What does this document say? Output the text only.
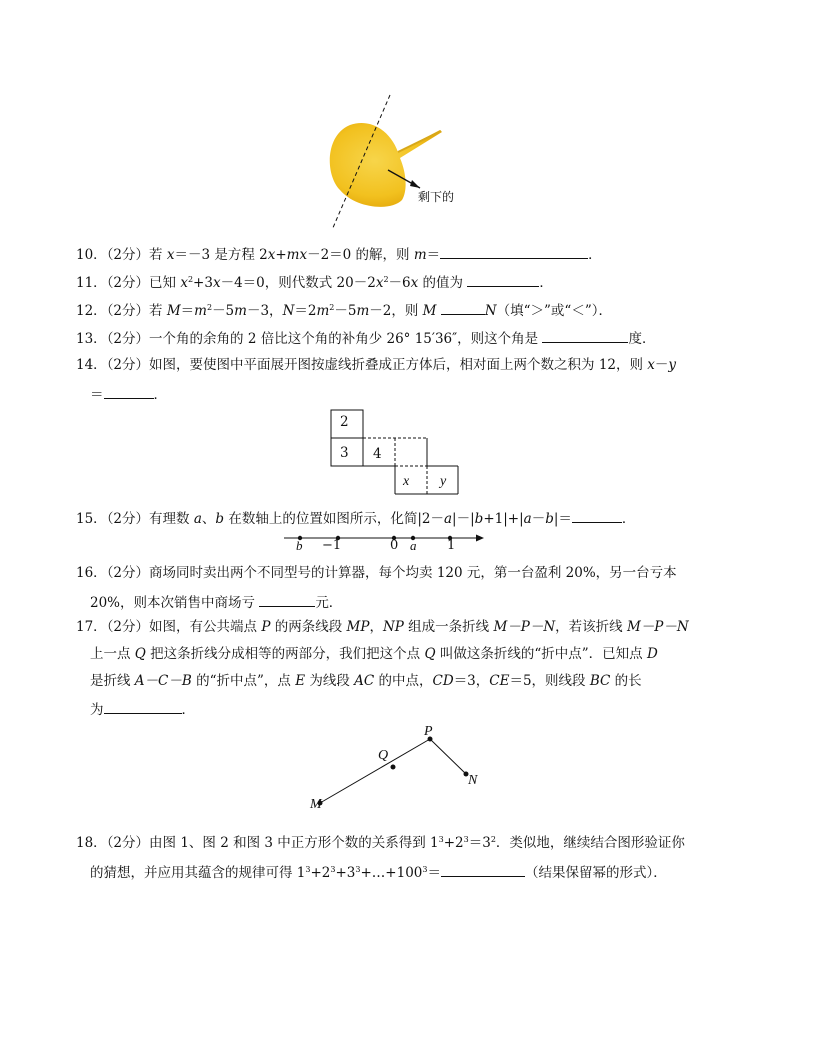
剩下的
10．（2分）若 x＝－3 是方程 2x+mx－2＝0 的解，则 m＝	．
11．（2分）已知 $x^2+3x-4=0$，则代数式 $20-2x^2-6x$ 的值为	．
12．（2分）若 $M=m^2-5m-3$，$N=2m^2-5m-2$，则 M	N（填“＞”或“＜”）．
13．（2分）一个角的余角的 2 倍比这个角的补角少 26° 15′36″，则这个角是	度．
14．（2分）如图，要使图中平面展开图按虚线折叠成正方体后，相对面上两个数之积为 12，则 x－y
＝	．
2
3 4
x y
15．（2分）有理数 a、b 在数轴上的位置如图所示，化简|2－a|－|b+1|+|a－b|＝	．
b −1	0 a 1
16．（2分）商场同时卖出两个不同型号的计算器，每个均卖 120 元，第一台盈利 20%，另一台亏本
20%，则本次销售中商场亏	元．
17．（2分）如图，有公共端点 P 的两条线段 MP，NP 组成一条折线 M－P－N，若该折线 M－P－N
上一点 Q 把这条折线分成相等的两部分，我们把这个点 Q 叫做这条折线的“折中点”．已知点 D
是折线 A－C－B 的“折中点”，点 E 为线段 AC 的中点，CD＝3，CE＝5，则线段 BC 的长
为	．
M
Q
P
N
18．（2分）由图 1、图 2 和图 3 中正方形个数的关系得到 $1^3+2^3=3^2$．类似地，继续结合图形验证你
的猜想，并应用其蕴含的规律可得 $1^3+2^3+3^3+\dots+100^3=$	（结果保留幂的形式）．
